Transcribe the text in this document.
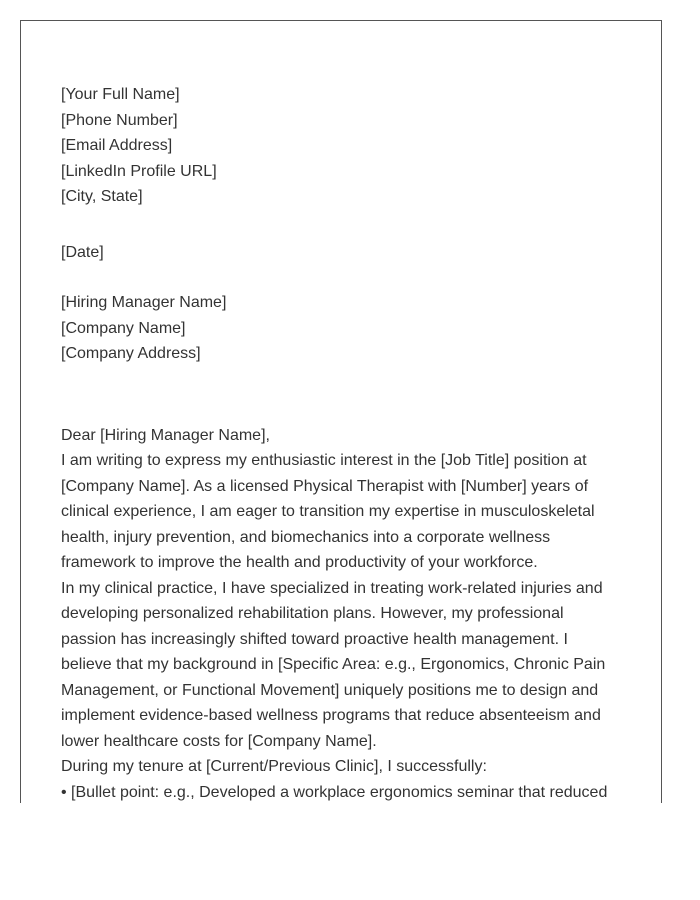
[Your Full Name]
[Phone Number]
[Email Address]
[LinkedIn Profile URL]
[City, State]
[Date]
[Hiring Manager Name]
[Company Name]
[Company Address]
Dear [Hiring Manager Name],
I am writing to express my enthusiastic interest in the [Job Title] position at
[Company Name]. As a licensed Physical Therapist with [Number] years of
clinical experience, I am eager to transition my expertise in musculoskeletal
health, injury prevention, and biomechanics into a corporate wellness
framework to improve the health and productivity of your workforce.
In my clinical practice, I have specialized in treating work-related injuries and
developing personalized rehabilitation plans. However, my professional
passion has increasingly shifted toward proactive health management. I
believe that my background in [Specific Area: e.g., Ergonomics, Chronic Pain
Management, or Functional Movement] uniquely positions me to design and
implement evidence-based wellness programs that reduce absenteeism and
lower healthcare costs for [Company Name].
During my tenure at [Current/Previous Clinic], I successfully:
• [Bullet point: e.g., Developed a workplace ergonomics seminar that reduced
